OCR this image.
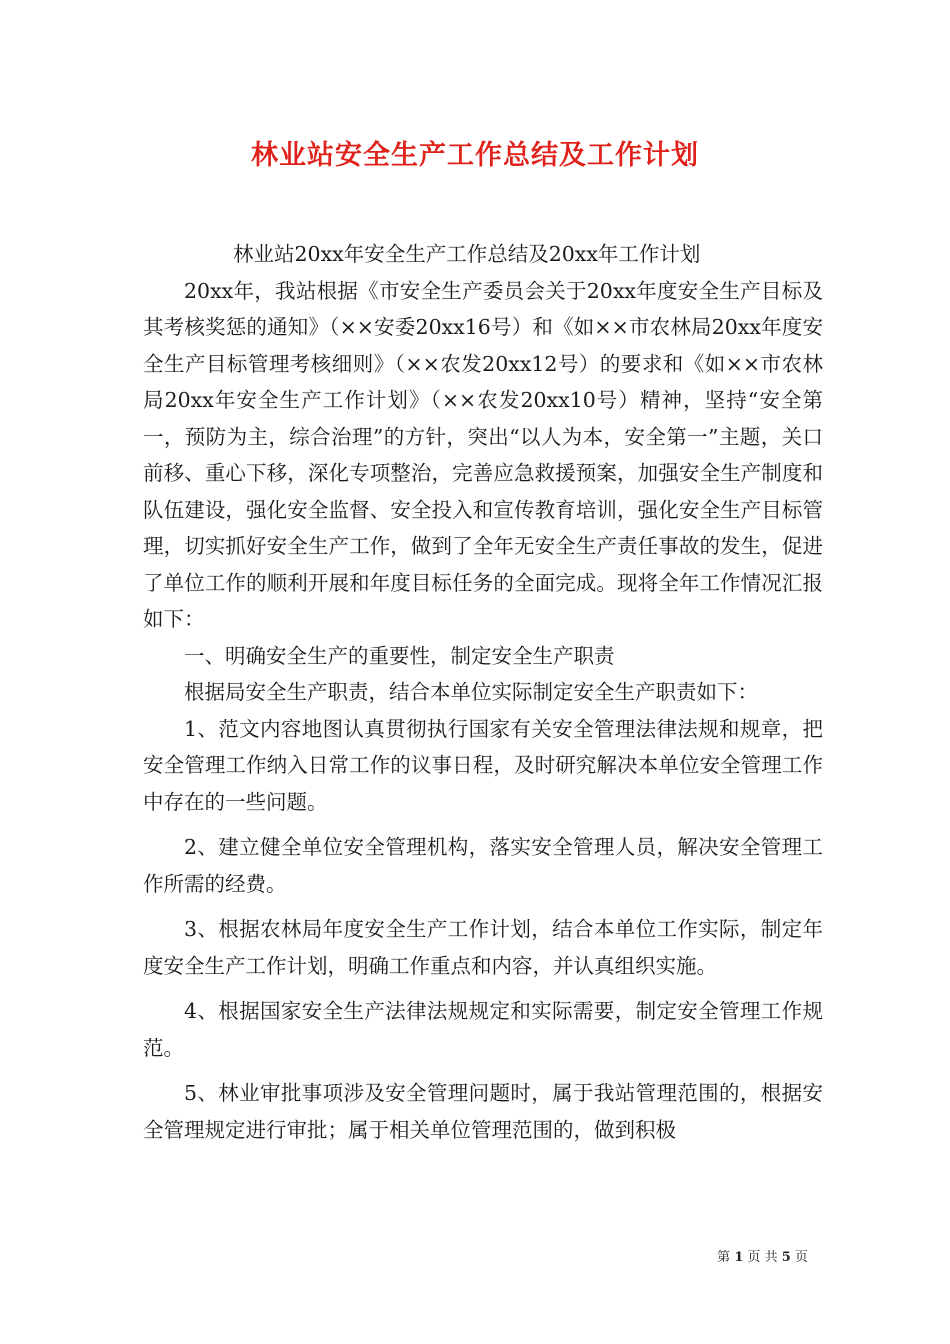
林业站安全生产工作总结及工作计划

林业站20xx年安全生产工作总结及20xx年工作计划

20xx年，我站根据《市安全生产委员会关于20xx年度安全生产目标及其考核奖惩的通知》（××安委20xx16号）和《如××市农林局20xx年度安全生产目标管理考核细则》（××农发20xx12号）的要求和《如××市农林局20xx年安全生产工作计划》（××农发20xx10号）精神，坚持“安全第一，预防为主，综合治理”的方针，突出“以人为本，安全第一”主题，关口前移、重心下移，深化专项整治，完善应急救援预案，加强安全生产制度和队伍建设，强化安全监督、安全投入和宣传教育培训，强化安全生产目标管理，切实抓好安全生产工作，做到了全年无安全生产责任事故的发生，促进了单位工作的顺利开展和年度目标任务的全面完成。现将全年工作情况汇报如下：

一、明确安全生产的重要性，制定安全生产职责

根据局安全生产职责，结合本单位实际制定安全生产职责如下：

1、范文内容地图认真贯彻执行国家有关安全管理法律法规和规章，把安全管理工作纳入日常工作的议事日程，及时研究解决本单位安全管理工作中存在的一些问题。

2、建立健全单位安全管理机构，落实安全管理人员，解决安全管理工作所需的经费。

3、根据农林局年度安全生产工作计划，结合本单位工作实际，制定年度安全生产工作计划，明确工作重点和内容，并认真组织实施。

4、根据国家安全生产法律法规规定和实际需要，制定安全管理工作规范。

5、林业审批事项涉及安全管理问题时，属于我站管理范围的，根据安全管理规定进行审批；属于相关单位管理范围的，做到积极

第 1 页 共 5 页
